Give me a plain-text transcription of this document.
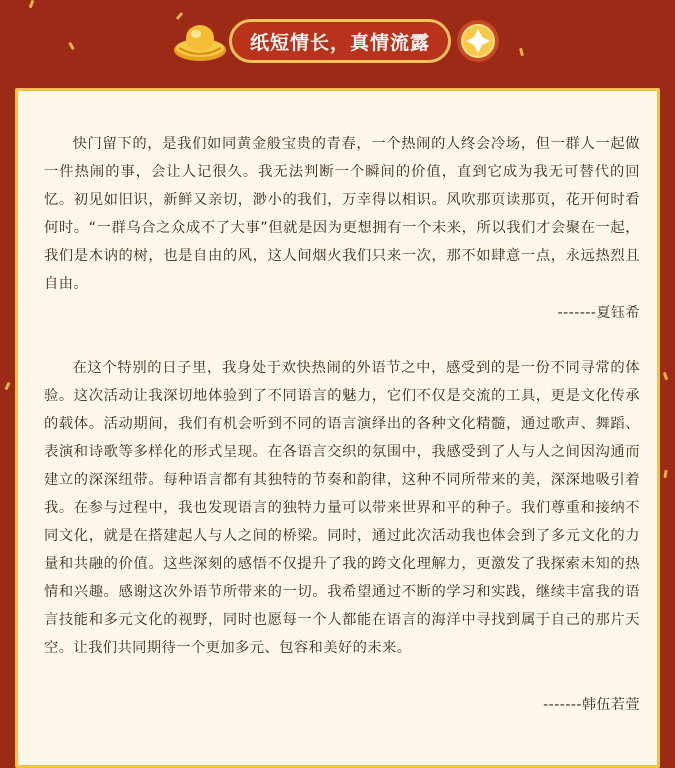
纸短情长，真情流露

快门留下的，是我们如同黄金般宝贵的青春，一个热闹的人终会冷场，但一群人一起做一件热闹的事，会让人记很久。我无法判断一个瞬间的价值，直到它成为我无可替代的回忆。初见如旧识，新鲜又亲切，渺小的我们，万幸得以相识。风吹那页读那页，花开何时看何时。“一群乌合之众成不了大事”但就是因为更想拥有一个未来，所以我们才会聚在一起，我们是木讷的树，也是自由的风，这人间烟火我们只来一次，那不如肆意一点，永远热烈且自由。

-------夏钰希

在这个特别的日子里，我身处于欢快热闹的外语节之中，感受到的是一份不同寻常的体验。这次活动让我深切地体验到了不同语言的魅力，它们不仅是交流的工具，更是文化传承的载体。活动期间，我们有机会听到不同的语言演绎出的各种文化精髓，通过歌声、舞蹈、表演和诗歌等多样化的形式呈现。在各语言交织的氛围中，我感受到了人与人之间因沟通而建立的深深纽带。每种语言都有其独特的节奏和韵律，这种不同所带来的美，深深地吸引着我。在参与过程中，我也发现语言的独特力量可以带来世界和平的种子。我们尊重和接纳不同文化，就是在搭建起人与人之间的桥梁。同时，通过此次活动我也体会到了多元文化的力量和共融的价值。这些深刻的感悟不仅提升了我的跨文化理解力，更激发了我探索未知的热情和兴趣。感谢这次外语节所带来的一切。我希望通过不断的学习和实践，继续丰富我的语言技能和多元文化的视野，同时也愿每一个人都能在语言的海洋中寻找到属于自己的那片天空。让我们共同期待一个更加多元、包容和美好的未来。

-------韩伍若萱
